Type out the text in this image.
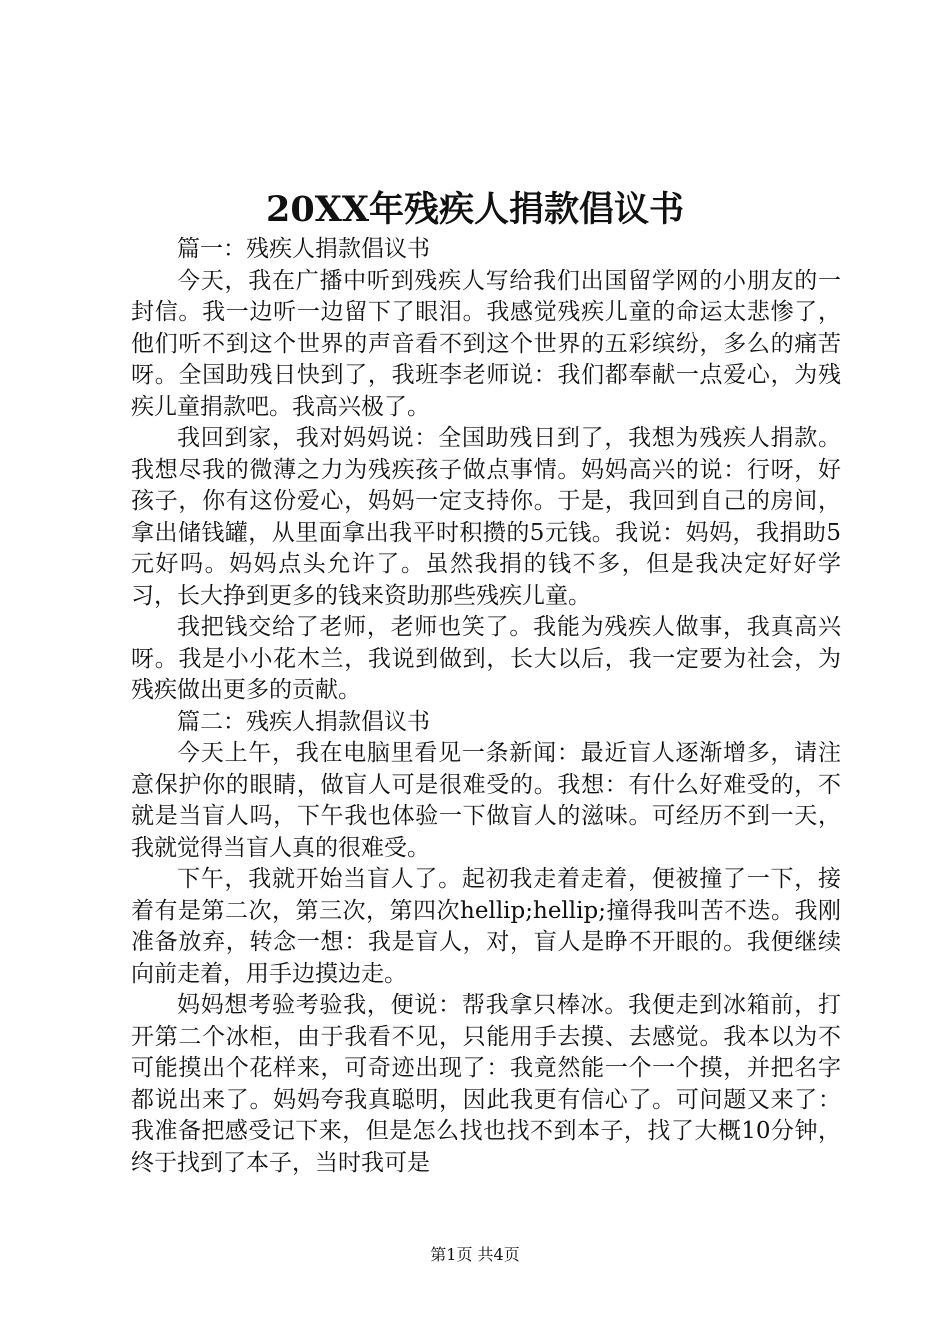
20XX年残疾人捐款倡议书

篇一：残疾人捐款倡议书

今天，我在广播中听到残疾人写给我们出国留学网的小朋友的一封信。我一边听一边留下了眼泪。我感觉残疾儿童的命运太悲惨了，他们听不到这个世界的声音看不到这个世界的五彩缤纷，多么的痛苦呀。全国助残日快到了，我班李老师说：我们都奉献一点爱心，为残疾儿童捐款吧。我高兴极了。

我回到家，我对妈妈说：全国助残日到了，我想为残疾人捐款。我想尽我的微薄之力为残疾孩子做点事情。妈妈高兴的说：行呀，好孩子，你有这份爱心，妈妈一定支持你。于是，我回到自己的房间，拿出储钱罐，从里面拿出我平时积攒的5元钱。我说：妈妈，我捐助5元好吗。妈妈点头允许了。虽然我捐的钱不多，但是我决定好好学习，长大挣到更多的钱来资助那些残疾儿童。

我把钱交给了老师，老师也笑了。我能为残疾人做事，我真高兴呀。我是小小花木兰，我说到做到，长大以后，我一定要为社会，为残疾做出更多的贡献。

篇二：残疾人捐款倡议书

今天上午，我在电脑里看见一条新闻：最近盲人逐渐增多，请注意保护你的眼睛，做盲人可是很难受的。我想：有什么好难受的，不就是当盲人吗，下午我也体验一下做盲人的滋味。可经历不到一天，我就觉得当盲人真的很难受。

下午，我就开始当盲人了。起初我走着走着，便被撞了一下，接着有是第二次，第三次，第四次hellip;hellip;撞得我叫苦不迭。我刚准备放弃，转念一想：我是盲人，对，盲人是睁不开眼的。我便继续向前走着，用手边摸边走。

妈妈想考验考验我，便说：帮我拿只棒冰。我便走到冰箱前，打开第二个冰柜，由于我看不见，只能用手去摸、去感觉。我本以为不可能摸出个花样来，可奇迹出现了：我竟然能一个一个摸，并把名字都说出来了。妈妈夸我真聪明，因此我更有信心了。可问题又来了：我准备把感受记下来，但是怎么找也找不到本子，找了大概10分钟，终于找到了本子，当时我可是

第1页 共4页
